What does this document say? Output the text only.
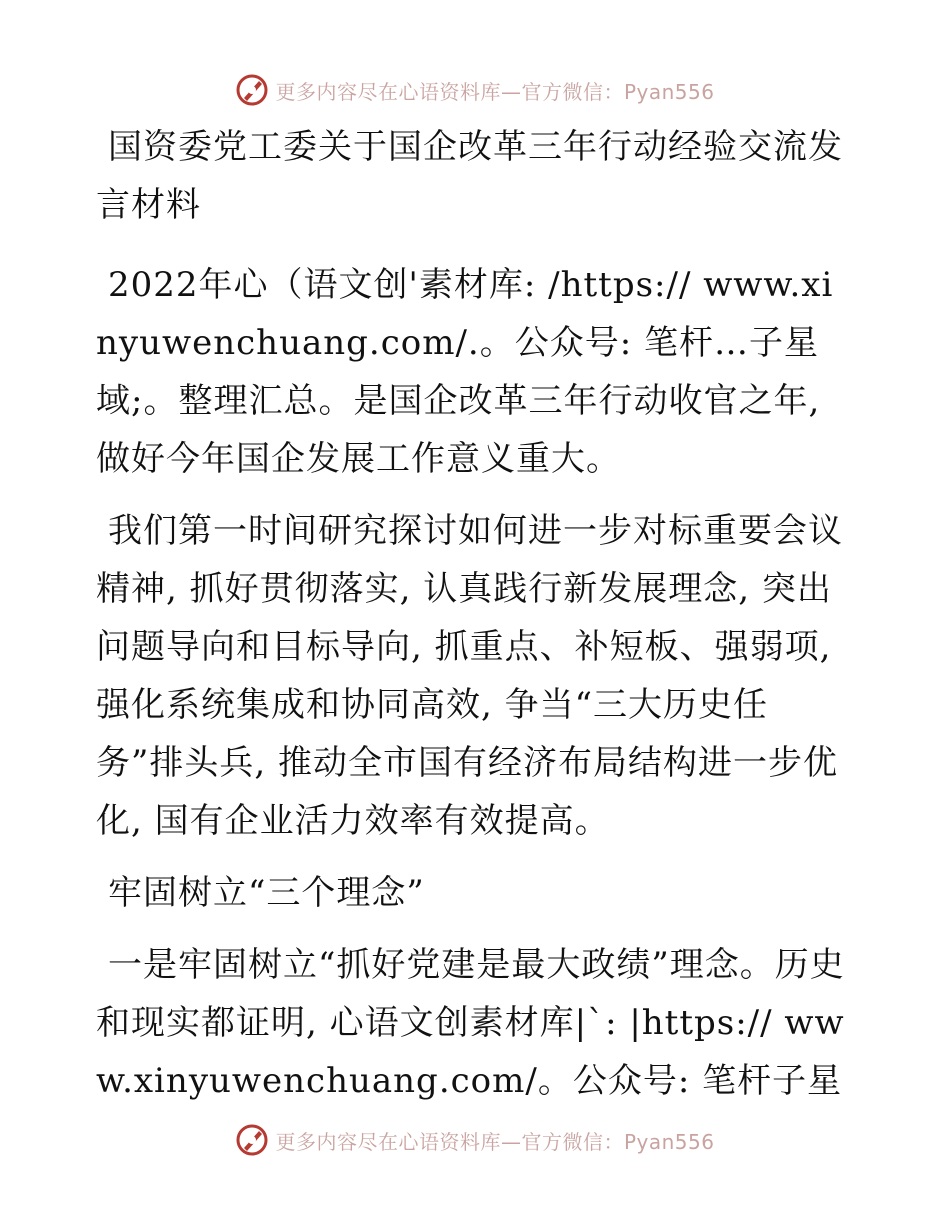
更多内容尽在心语资料库—官方微信：Pyan556

国资委党工委关于国企改革三年行动经验交流发言材料

2022年心（语文创'素材库: /https:// www.xinyuwenchuang.com/.。公众号: 笔杆…子星域;。整理汇总。是国企改革三年行动收官之年, 做好今年国企发展工作意义重大。

我们第一时间研究探讨如何进一步对标重要会议精神, 抓好贯彻落实, 认真践行新发展理念, 突出问题导向和目标导向, 抓重点、补短板、强弱项, 强化系统集成和协同高效, 争当“三大历史任务”排头兵, 推动全市国有经济布局结构进一步优化, 国有企业活力效率有效提高。

牢固树立“三个理念”

一是牢固树立“抓好党建是最大政绩”理念。历史和现实都证明, 心语文创素材库|`: |https:// www.xinyuwenchuang.com/。公众号: 笔杆子星

更多内容尽在心语资料库—官方微信：Pyan556
